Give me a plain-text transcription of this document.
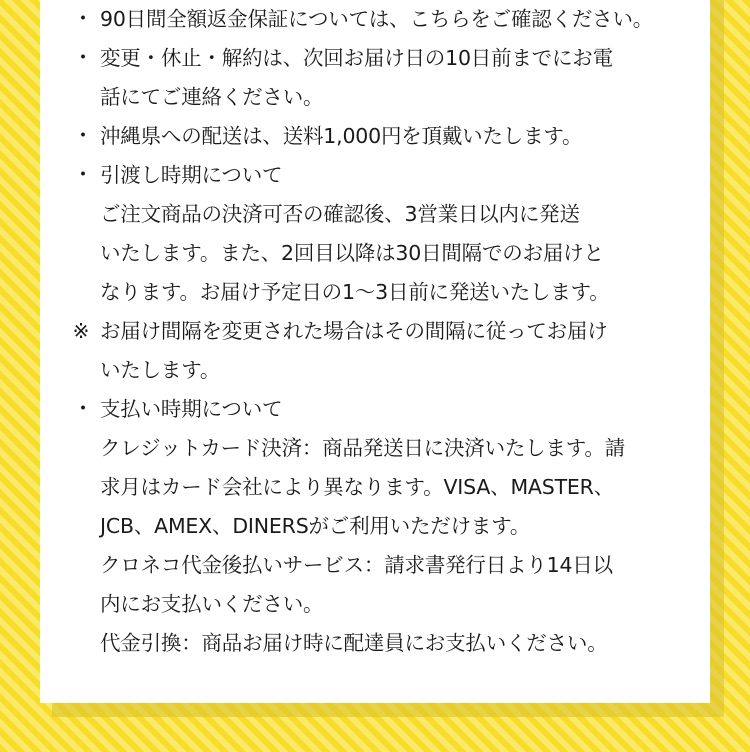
・ 90日間全額返金保証については、こちらをご確認ください。
・ 変更・休止・解約は、次回お届け日の10日前までにお電
話にてご連絡ください。
・ 沖縄県への配送は、送料1,000円を頂戴いたします。
・ 引渡し時期について
ご注文商品の決済可否の確認後、3営業日以内に発送
いたします。また、2回目以降は30日間隔でのお届けと
なります。お届け予定日の1〜3日前に発送いたします。
※ お届け間隔を変更された場合はその間隔に従ってお届け
いたします。
・ 支払い時期について
クレジットカード決済：商品発送日に決済いたします。請
求月はカード会社により異なります。VISA、MASTER、
JCB、AMEX、DINERSがご利用いただけます。
クロネコ代金後払いサービス：請求書発行日より14日以
内にお支払いください。
代金引換：商品お届け時に配達員にお支払いください。
